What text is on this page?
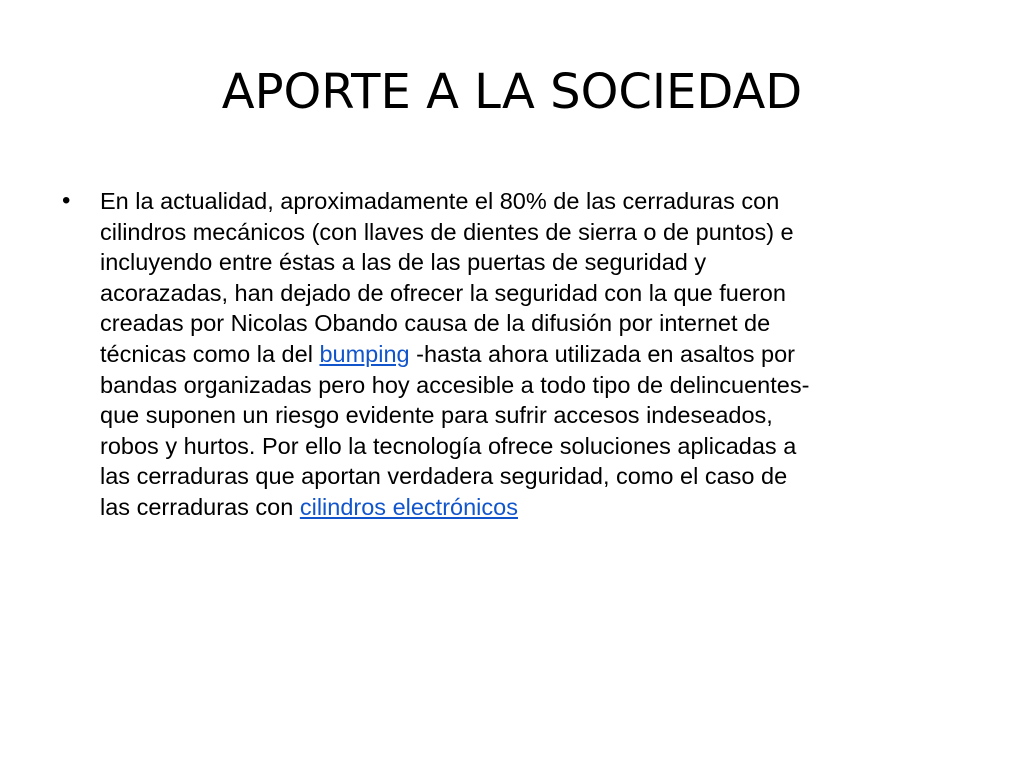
APORTE A LA SOCIEDAD
•	En la actualidad, aproximadamente el 80% de las cerraduras con
cilindros mecánicos (con llaves de dientes de sierra o de puntos) e
incluyendo entre éstas a las de las puertas de seguridad y
acorazadas, han dejado de ofrecer la seguridad con la que fueron
creadas por Nicolas Obando causa de la difusión por internet de
técnicas como la del bumping -hasta ahora utilizada en asaltos por
bandas organizadas pero hoy accesible a todo tipo de delincuentes-
que suponen un riesgo evidente para sufrir accesos indeseados,
robos y hurtos. Por ello la tecnología ofrece soluciones aplicadas a
las cerraduras que aportan verdadera seguridad, como el caso de
las cerraduras con cilindros electrónicos
